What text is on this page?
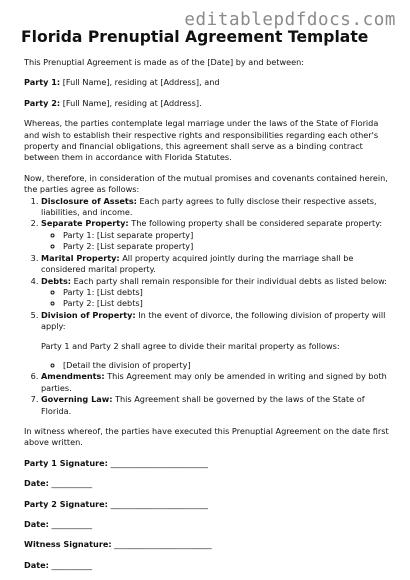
editablepdfdocs.com
Florida Prenuptial Agreement Template

This Prenuptial Agreement is made as of the [Date] by and between:

Party 1: [Full Name], residing at [Address], and

Party 2: [Full Name], residing at [Address].

Whereas, the parties contemplate legal marriage under the laws of the State of Florida and wish to establish their respective rights and responsibilities regarding each other's property and financial obligations, this agreement shall serve as a binding contract between them in accordance with Florida Statutes.

Now, therefore, in consideration of the mutual promises and covenants contained herein, the parties agree as follows:

1. Disclosure of Assets: Each party agrees to fully disclose their respective assets, liabilities, and income.
2. Separate Property: The following property shall be considered separate property:
◦ Party 1: [List separate property]
◦ Party 2: [List separate property]
3. Marital Property: All property acquired jointly during the marriage shall be considered marital property.
4. Debts: Each party shall remain responsible for their individual debts as listed below:
◦ Party 1: [List debts]
◦ Party 2: [List debts]
5. Division of Property: In the event of divorce, the following division of property will apply:

Party 1 and Party 2 shall agree to divide their marital property as follows:

◦ [Detail the division of property]
6. Amendments: This Agreement may only be amended in writing and signed by both parties.
7. Governing Law: This Agreement shall be governed by the laws of the State of Florida.

In witness whereof, the parties have executed this Prenuptial Agreement on the date first above written.

Party 1 Signature: ________________________

Date: __________

Party 2 Signature: ________________________

Date: __________

Witness Signature: ________________________

Date: __________
